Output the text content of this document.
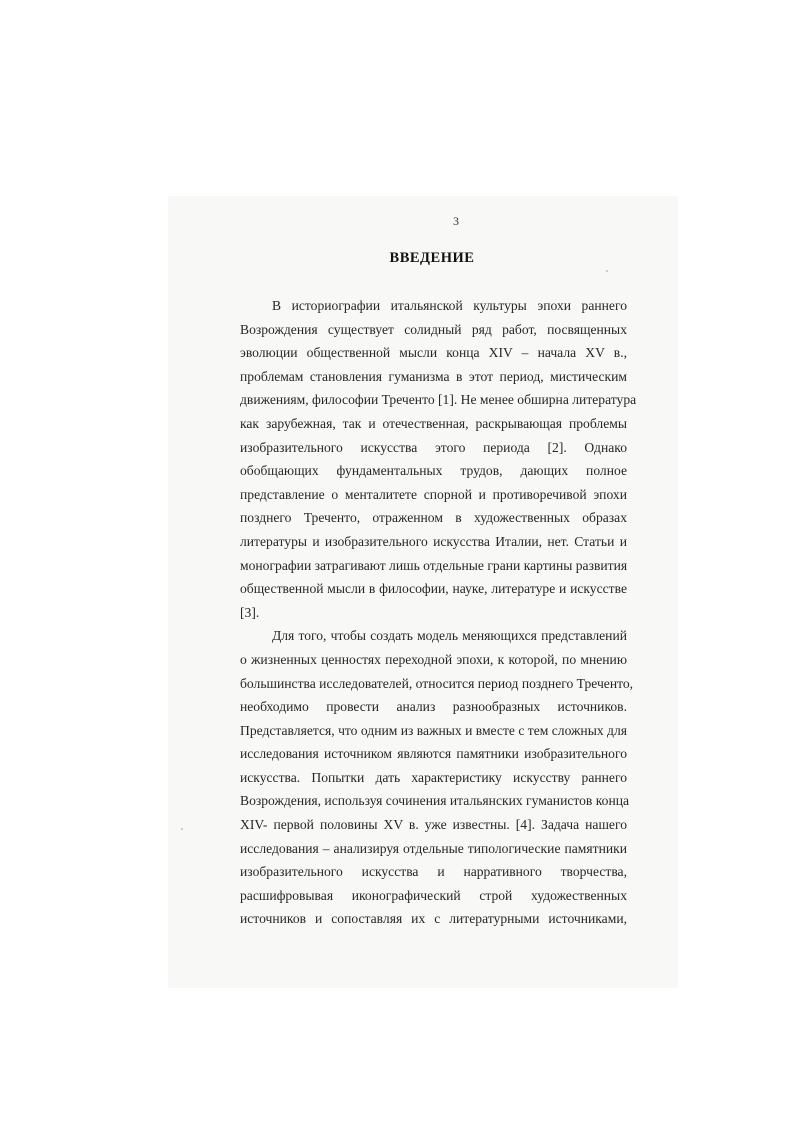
3
ВВЕДЕНИЕ
В историографии итальянской культуры эпохи раннего
Возрождения существует солидный ряд работ, посвященных
эволюции общественной мысли конца XIV – начала XV в.,
проблемам становления гуманизма в этот период, мистическим
движениям, философии Треченто [1]. Не менее обширна литература
как зарубежная, так и отечественная, раскрывающая проблемы
изобразительного искусства этого периода [2]. Однако
обобщающих фундаментальных трудов, дающих полное
представление о менталитете спорной и противоречивой эпохи
позднего Треченто, отраженном в художественных образах
литературы и изобразительного искусства Италии, нет. Статьи и
монографии затрагивают лишь отдельные грани картины развития
общественной мысли в философии, науке, литературе и искусстве
[3].
Для того, чтобы создать модель меняющихся представлений
о жизненных ценностях переходной эпохи, к которой, по мнению
большинства исследователей, относится период позднего Треченто,
необходимо провести анализ разнообразных источников.
Представляется, что одним из важных и вместе с тем сложных для
исследования источником являются памятники изобразительного
искусства. Попытки дать характеристику искусству раннего
Возрождения, используя сочинения итальянских гуманистов конца
XIV- первой половины XV в. уже известны. [4]. Задача нашего
исследования – анализируя отдельные типологические памятники
изобразительного искусства и нарративного творчества,
расшифровывая иконографический строй художественных
источников и сопоставляя их с литературными источниками,
